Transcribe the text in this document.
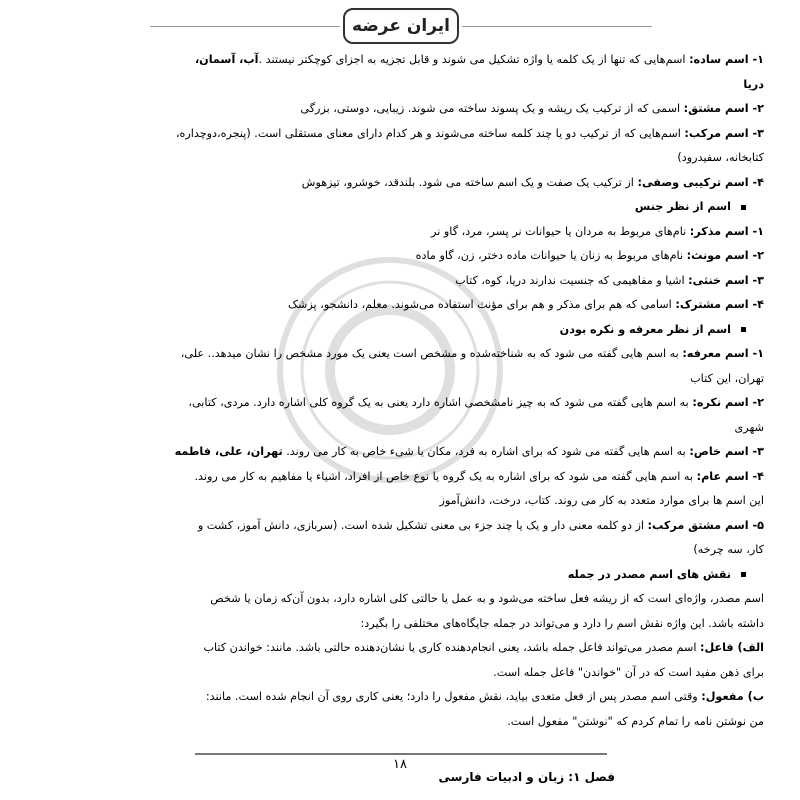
ایران عرضه
۱- اسم ساده: اسم‌هایی که تنها از یک کلمه یا واژه تشکیل می شوند و قابل تجزیه به اجزای کوچکتر نیستند .آب، آسمان،
دریا
۲- اسم مشتق: اسمی که از ترکیب یک ریشه و یک پسوند ساخته می شوند. زیبایی، دوستی، بزرگی
۳- اسم مرکب: اسم‌هایی که از ترکیب دو یا چند کلمه ساخته می‌شوند و هر کدام دارای معنای مستقلی است. (پنجره،دوچداره،
کتابخانه، سفیدرود)
۴- اسم ترکیبی وصفی: از ترکیب یک صفت و یک اسم ساخته می شود. بلندقد، خوشرو، تیزهوش
اسم از نظر جنس
۱- اسم مذکر: نام‌های مربوط به مردان یا حیوانات نر پسر، مرد، گاو نر
۲- اسم مونث: نام‌های مربوط به زنان یا حیوانات ماده دختر، زن، گاو ماده
۳- اسم خنثی: اشیا و مفاهیمی که جنسیت ندارند دریا، کوه، کتاب
۴- اسم مشترک: اسامی که هم برای مذکر و هم برای مؤنث استفاده می‌شوند. معلم، دانشجو، پزشک
اسم از نظر معرفه و نکره بودن
۱- اسم معرفه: به اسم هایی گفته می شود که به شناخته‌شده و مشخص است یعنی یک مورد مشخص را نشان میدهد.. علی،
تهران، این کتاب
۲- اسم نکره: به اسم هایی گفته می شود که به چیز نامشخصی اشاره دارد یعنی به یک گروه کلی اشاره دارد. مردی، کتابی،
شهری
۳- اسم خاص: به اسم هایی گفته می شود که برای اشاره به فرد، مکان یا شیء خاص به کار می روند. تهران، علی، فاطمه
۴- اسم عام: به اسم هایی گفته می شود که برای اشاره به یک گروه یا نوع خاص از افراد، اشیاء یا مفاهیم به کار می روند.
این اسم ها برای موارد متعدد به کار می روند. کتاب، درخت، دانش‌آموز
۵- اسم مشتق مرکب: از دو کلمه معنی دار و یک یا چند جزء بی معنی تشکیل شده است. (سربازی، دانش آموز، کشت و
کار، سه چرخه)
نقش های اسم مصدر در جمله
اسم مصدر، واژه‌ای است که از ریشه فعل ساخته می‌شود و به عمل یا حالتی کلی اشاره دارد، بدون آن‌که زمان یا شخص
داشته باشد. این واژه نقش اسم را دارد و می‌تواند در جمله جایگاه‌های مختلفی را بگیرد:
الف) فاعل: اسم مصدر می‌تواند فاعل جمله باشد، یعنی انجام‌دهنده کاری یا نشان‌دهنده حالتی باشد. مانند: خواندن کتاب
برای ذهن مفید است که در آن "خواندن" فاعل جمله است.
ب) مفعول: وقتی اسم مصدر پس از فعل متعدی بیاید، نقش مفعول را دارد؛ یعنی کاری روی آن انجام شده است. مانند:
من نوشتن نامه را تمام کردم که "نوشتن" مفعول است.
۱۸
فصل ۱: زبان و ادبیات فارسی
